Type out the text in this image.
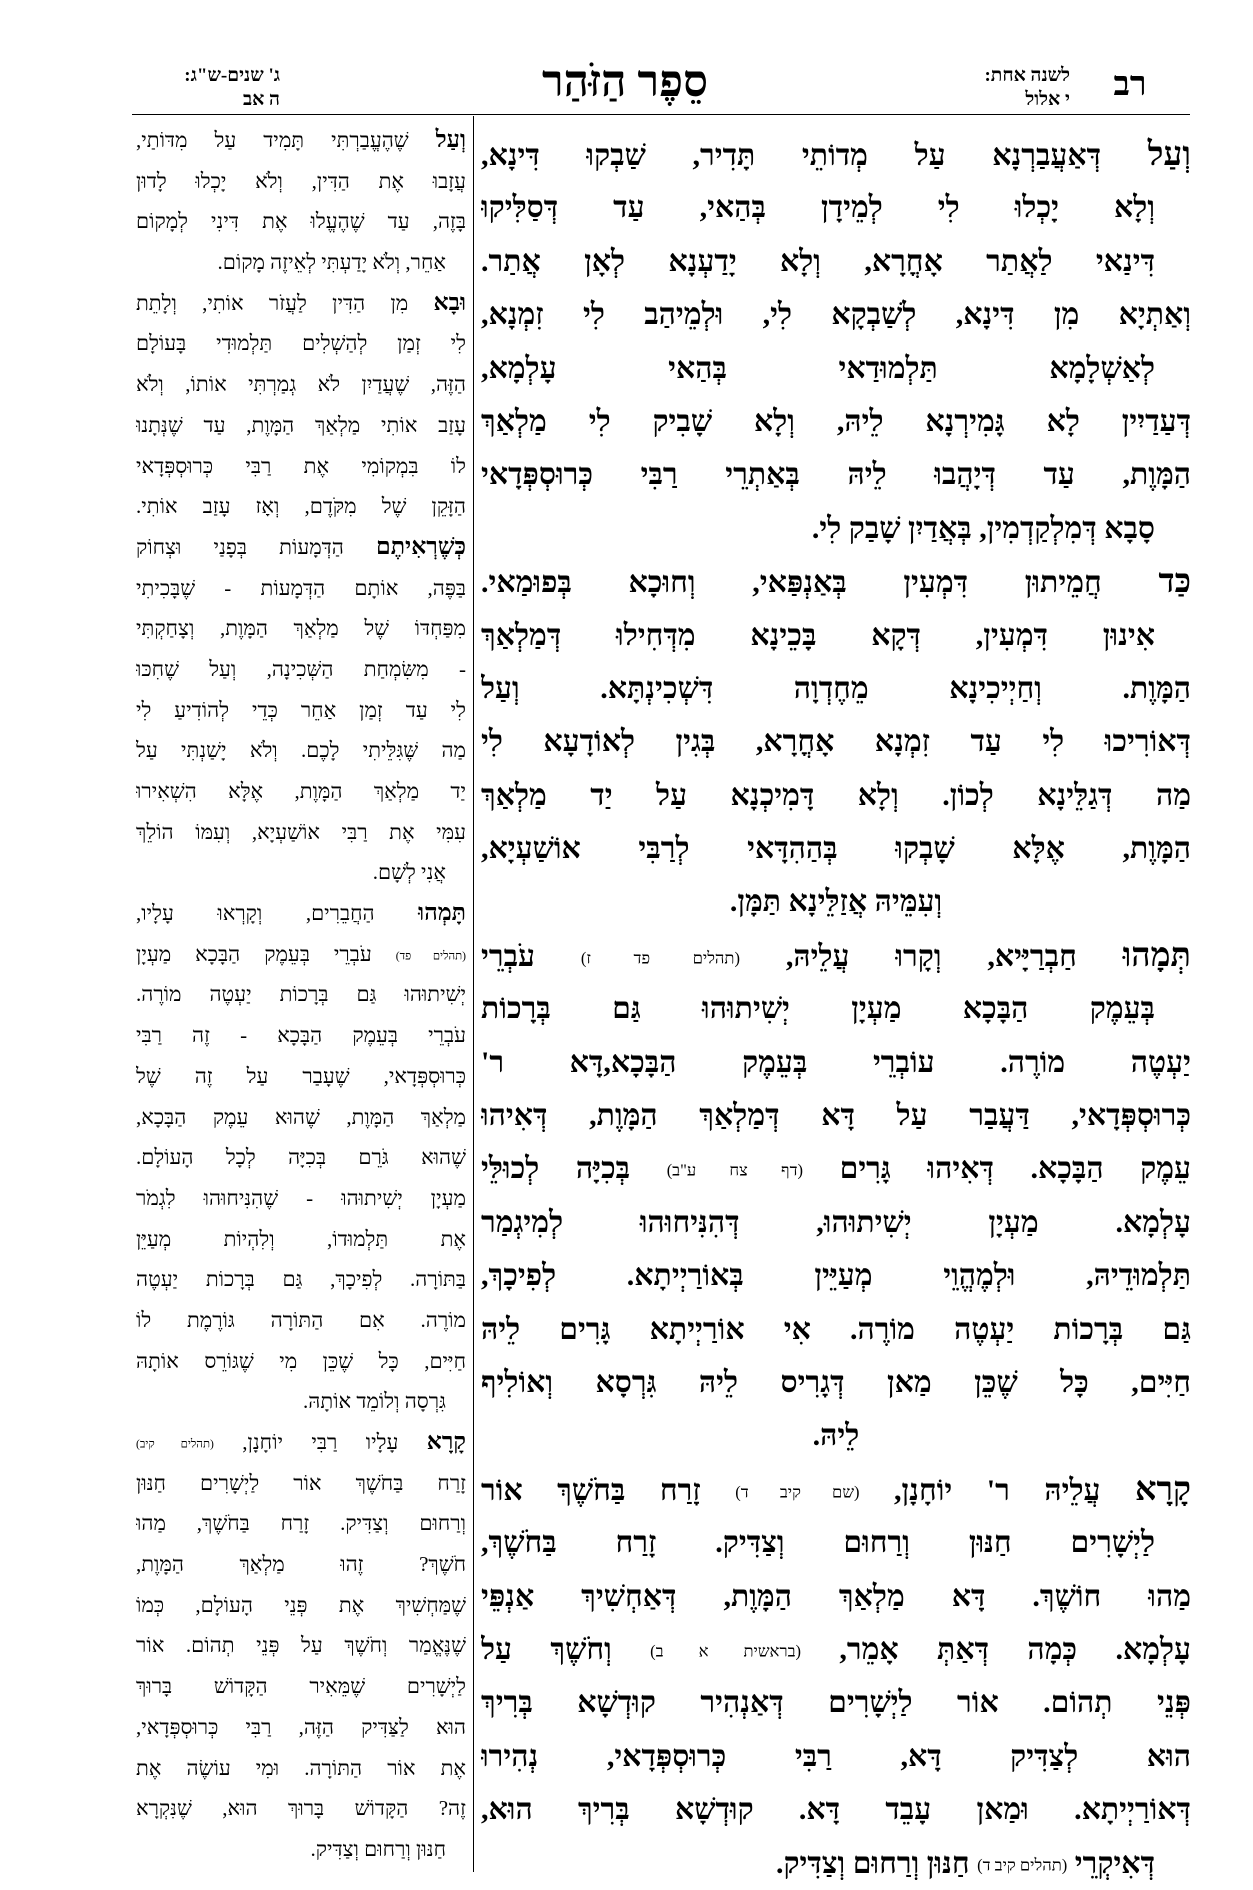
רב
לשנה אחת:
י אלול
סֵפֶר הַזֹּהַר
ג' שנים-ש"ג:
ה אב
וְעַל דְּאַעֲבַרְנָא עַל מְדוֹתֵי תָּדִיר, שַׁבְקוּ דִּינָא,
וְלָא יָכְלוּ לִי לְמֵידָן בְּהַאי, עַד דְּסַלִּיקוּ
דִּינַאי לַאֲתַר אָחֳרָא, וְלָא יָדַעְנָא לְאָן אֲתַר.
וְאַתְיָא מִן דִּינָא, לְשַׁבְקָא לִי, וּלְמֵיהַב לִי זִמְנָא,
לְאַשְׁלָמָא תַּלְמוּדַאי בְּהַאי עָלְמָא,
דְּעַדַיִין לָא גָּמִירְנָא לֵיהּ, וְלָא שָׁבִיק לִי מַלְאַךְ
הַמָּוֶת, עַד דְּיָהֲבוּ לֵיהּ בְּאַתְרֵי רַבִּי כְּרוּסְפְּדָאי
סָבָא דְּמִלְקַדְמִין, בְּאֲדַיִן שָׁבַק לִי.
כַּד חֲמֵיתוּן דִּמְעִין בְּאַנְפַּאי, וְחוּכָא בְּפוּמַאי.
אִינוּן דִּמְעִין, דְּקָא בָּכֵינָא מִדְּחִילוּ דְּמַלְאַךְ
הַמָּוֶת. וְחַיְיכִינָא מֵחֶדְוָה דִּשְׁכִינְתָּא. וְעַל
דְּאוֹרִיכוּ לִי עַד זִמְנָא אָחֳרָא, בְּגִין לְאוֹדָעָא לִי
מַה דְּגַלֵּינָא לְכוֹן. וְלָא דָּמִיכְנָא עַל יַד מַלְאַךְ
הַמָּוֶת, אֶלָּא שָׁבְקוּ בְּהַהִדָּאי לְרַבִּי אוֹשַׁעְיָא,
וְעִמֵּיהּ אֲזַלֵּינָא תַּמָּן.
תְּמָהוּ חַבְרַיָּיא, וְקָרוּ עֲלֵיהּ, (תהלים פד ז) עֹבְרֵי
בְּעֵמֶק הַבָּכָא מַעְיָן יְשִׁיתוּהוּ גַּם בְּרָכוֹת
יַעְטֶה מוֹרֶה. עוֹבְרֵי בְּעֵמֶק הַבָּכָא,דָּא ר'
כְּרוּסְפְּדָאי, דַּעֲבַר עַל דָּא דְּמַלְאַךְ הַמָּוֶת, דְּאִיהוּ
עֵמֶק הַבָּכָא. דְּאִיהוּ גָּרִים (דף צח ע"ב) בְּכִיָּה לְכוּלֵּי
עָלְמָא. מַעְיָן יְשִׁיתוּהוּ, דְּהִנִּיחוּהוּ לְמִיגְמַר
תַּלְמוּדֵיהּ, וּלְמֶהֱוֵי מְעַיֵּין בְּאוֹרַיְיתָא. לְפִיכָךְ,
גַּם בְּרָכוֹת יַעְטֶה מוֹרֶה. אִי אוֹרַיְיתָא גָּרִים לֵיהּ
חַיִּים, כָּל שֶׁכֵּן מַאן דְּגָרִיס לֵיהּ גִּרְסָא וְאוֹלִיף
לֵיהּ.
קָרָא עֲלֵיהּ ר' יוֹחָנָן, (שם קיב ד) זָרַח בַּחֹשֶׁךְ אוֹר
לַיְשָׁרִים חַנּוּן וְרַחוּם וְצַדִּיק. זָרַח בַּחֹשֶׁךְ,
מַהוּ חוֹשֶׁךְ. דָּא מַלְאַךְ הַמָּוֶת, דְּאַחְשִׁיךְ אַנְפֵּי
עָלְמָא. כְּמָה דְּאַתְּ אָמֵר, (בראשית א ב) וְחֹשֶׁךְ עַל
פְּנֵי תְהוֹם. אוֹר לַיְשָׁרִים דְּאַנְהִיר קוּדְשָׁא בְּרִיךְ
הוּא לְצַדִּיק דָּא, רַבִּי כְּרוּסְפְּדָאי, נְהִירוּ
דְּאוֹרַיְיתָא. וּמַאן עָבֵד דָּא. קוּדְשָׁא בְּרִיךְ הוּא,
דְּאִיקְרֵי (תהלים קיב ד) חַנּוּן וְרַחוּם וְצַדִּיק.
וְעַל שֶׁהֶעֱבַרְתִּי תָּמִיד עַל מִדּוֹתַי,
עֲזָבוּ אֶת הַדִּין, וְלֹא יָכְלוּ לָדוּן
בָּזֶה, עַד שֶׁהֶעֱלוּ אֶת דִּינִי לְמָקוֹם
אַחֵר, וְלֹא יָדַעְתִּי לְאֵיזֶה מָקוֹם.
וּבָא מִן הַדִּין לַעֲזֹר אוֹתִי, וְלָתֵת
לִי זְמַן לְהַשְׁלִים תַּלְמוּדִי בָּעוֹלָם
הַזֶּה, שֶׁעֲדַיִן לֹא גְמַרְתִּי אוֹתוֹ, וְלֹא
עָזַב אוֹתִי מַלְאַךְ הַמָּוֶת, עַד שֶׁנְּתָנוּ
לוֹ בִּמְקוֹמִי אֶת רַבִּי כְּרוּסְפְּדָאי
הַזָּקֵן שֶׁל מִקֹּדֶם, וְאָז עָזַב אוֹתִי.
כְּשֶׁרְאִיתֶם הַדְּמָעוֹת בְּפָנַי וּצְחוֹק
בַּפֶּה, אוֹתָם הַדְּמָעוֹת - שֶׁבָּכִיתִי
מִפַּחְדּוֹ שֶׁל מַלְאַךְ הַמָּוֶת, וְצָחַקְתִּי
- מִשִּׂמְחַת הַשְּׁכִינָה, וְעַל שֶׁחִכּוּ
לִי עַד זְמַן אַחֵר כְּדֵי לְהוֹדִיעַ לִי
מַה שֶּׁגִּלֵּיתִי לָכֶם. וְלֹא יָשַׁנְתִּי עַל
יַד מַלְאַךְ הַמָּוֶת, אֶלָּא הִשְׁאִירוּ
עִמִּי אֶת רַבִּי אוֹשַׁעְיָא, וְעִמּוֹ הוֹלֵךְ
אֲנִי לְשָׁם.
תָּמְהוּ הַחֲבֵרִים, וְקָרְאוּ עָלָיו,
(תהלים פד) עֹבְרֵי בְּעֵמֶק הַבָּכָא מַעְיָן
יְשִׁיתוּהוּ גַּם בְּרָכוֹת יַעְטֶה מוֹרֶה.
עֹבְרֵי בְּעֵמֶק הַבָּכָא - זֶה רַבִּי
כְּרוּסְפְּדָאי, שֶׁעָבַר עַל זֶה שֶׁל
מַלְאַךְ הַמָּוֶת, שֶׁהוּא עֵמֶק הַבָּכָא,
שֶׁהוּא גֹּרֵם בְּכִיָּה לְכָל הָעוֹלָם.
מַעְיָן יְשִׁיתוּהוּ - שֶׁהִנִּיחוּהוּ לִגְמֹר
אֶת תַּלְמוּדוֹ, וְלִהְיוֹת מְעַיֵּן
בַּתּוֹרָה. לְפִיכָךְ, גַּם בְּרָכוֹת יַעְטֶה
מוֹרֶה. אִם הַתּוֹרָה גּוֹרֶמֶת לוֹ
חַיִּים, כָּל שֶׁכֵּן מִי שֶׁגּוֹרֵס אוֹתָהּ
גִּרְסָה וְלוֹמֵד אוֹתָהּ.
קָרָא עָלָיו רַבִּי יוֹחָנָן, (תהלים קיב)
זָרַח בַּחֹשֶׁךְ אוֹר לַיְשָׁרִים חַנּוּן
וְרַחוּם וְצַדִּיק. זָרַח בַּחֹשֶׁךְ, מַהוּ
חֹשֶׁךְ? זֶהוּ מַלְאַךְ הַמָּוֶת,
שֶׁמַּחְשִׁיךְ אֶת פְּנֵי הָעוֹלָם, כְּמוֹ
שֶׁנֶּאֱמַר וְחֹשֶׁךְ עַל פְּנֵי תְהוֹם. אוֹר
לַיְשָׁרִים שֶׁמֵּאִיר הַקָּדוֹשׁ בָּרוּךְ
הוּא לַצַּדִּיק הַזֶּה, רַבִּי כְּרוּסְפְּדָאי,
אֶת אוֹר הַתּוֹרָה. וּמִי עוֹשֶׂה אֶת
זֶה? הַקָּדוֹשׁ בָּרוּךְ הוּא, שֶׁנִּקְרָא
חַנּוּן וְרַחוּם וְצַדִּיק.
